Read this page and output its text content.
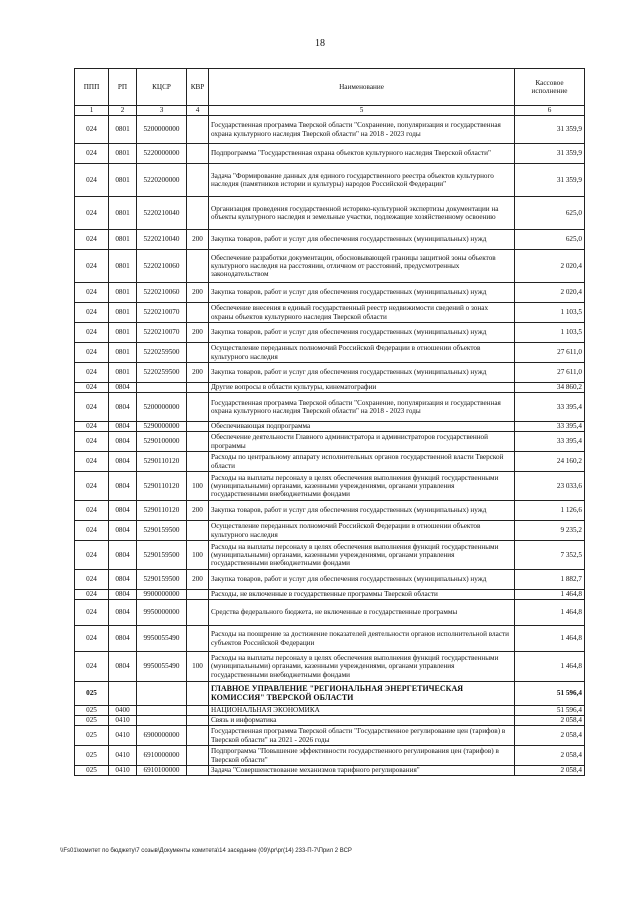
18
ППП	РП	КЦСР	КВР	Наименование	Кассовое исполнение
1	2	3	4	5	6
024	0801	5200000000		Государственная программа Тверской области "Сохранение, популяризация и государственная охрана культурного наследия Тверской области" на 2018 - 2023 годы	31 359,9
024	0801	5220000000		Подпрограмма "Государственная охрана объектов культурного наследия Тверской области"	31 359,9
024	0801	5220200000		Задача "Формирование данных для единого государственного реестра объектов культурного наследия (памятников истории и культуры) народов Российской Федерации"	31 359,9
024	0801	5220210040		Организация проведения государственной историко-культурной экспертизы документации на объекты культурного наследия и земельные участки, подлежащие хозяйственному освоению	625,0
024	0801	5220210040	200	Закупка товаров, работ и услуг для обеспечения государственных (муниципальных) нужд	625,0
024	0801	5220210060		Обеспечение разработки документации, обосновывающей границы защитной зоны объектов культурного наследия на расстоянии, отличном от расстояний, предусмотренных законодательством	2 020,4
024	0801	5220210060	200	Закупка товаров, работ и услуг для обеспечения государственных (муниципальных) нужд	2 020,4
024	0801	5220210070		Обеспечение внесения в единый государственный реестр недвижимости сведений о зонах охраны объектов культурного наследия Тверской области	1 103,5
024	0801	5220210070	200	Закупка товаров, работ и услуг для обеспечения государственных (муниципальных) нужд	1 103,5
024	0801	5220259500		Осуществление переданных полномочий Российской Федерации в отношении объектов культурного наследия	27 611,0
024	0801	5220259500	200	Закупка товаров, работ и услуг для обеспечения государственных (муниципальных) нужд	27 611,0
024	0804			Другие вопросы в области культуры, кинематографии	34 860,2
024	0804	5200000000		Государственная программа Тверской области "Сохранение, популяризация и государственная охрана культурного наследия Тверской области" на 2018 - 2023 годы	33 395,4
024	0804	5290000000		Обеспечивающая подпрограмма	33 395,4
024	0804	5290100000		Обеспечение деятельности Главного администратора и администраторов государственной программы	33 395,4
024	0804	5290110120		Расходы по центральному аппарату исполнительных органов государственной власти Тверской области	24 160,2
024	0804	5290110120	100	Расходы на выплаты персоналу в целях обеспечения выполнения функций государственными (муниципальными) органами, казенными учреждениями, органами управления государственными внебюджетными фондами	23 033,6
024	0804	5290110120	200	Закупка товаров, работ и услуг для обеспечения государственных (муниципальных) нужд	1 126,6
024	0804	5290159500		Осуществление переданных полномочий Российской Федерации в отношении объектов культурного наследия	9 235,2
024	0804	5290159500	100	Расходы на выплаты персоналу в целях обеспечения выполнения функций государственными (муниципальными) органами, казенными учреждениями, органами управления государственными внебюджетными фондами	7 352,5
024	0804	5290159500	200	Закупка товаров, работ и услуг для обеспечения государственных (муниципальных) нужд	1 882,7
024	0804	9900000000		Расходы, не включенные в государственные программы Тверской области	1 464,8
024	0804	9950000000		Средства федерального бюджета, не включенные в государственные программы	1 464,8
024	0804	9950055490		Расходы на поощрение за достижение показателей деятельности органов исполнительной власти субъектов Российской Федерации	1 464,8
024	0804	9950055490	100	Расходы на выплаты персоналу в целях обеспечения выполнения функций государственными (муниципальными) органами, казенными учреждениями, органами управления государственными внебюджетными фондами	1 464,8
025				ГЛАВНОЕ УПРАВЛЕНИЕ "РЕГИОНАЛЬНАЯ ЭНЕРГЕТИЧЕСКАЯ КОМИССИЯ" ТВЕРСКОЙ ОБЛАСТИ	51 596,4
025	0400			НАЦИОНАЛЬНАЯ ЭКОНОМИКА	51 596,4
025	0410			Связь и информатика	2 058,4
025	0410	6900000000		Государственная программа Тверской области "Государственное регулирование цен (тарифов) в Тверской области" на 2021 - 2026 годы	2 058,4
025	0410	6910000000		Подпрограмма "Повышение эффективности государственного регулирования цен (тарифов) в Тверской области"	2 058,4
025	0410	6910100000		Задача "Совершенствование механизмов тарифного регулирования"	2 058,4
\\Fs01\комитет по бюджету\7 созыв\Документы комитета\14 заседание (09)\pr\pr(14) 233-П-7\Прил 2 ВСР
